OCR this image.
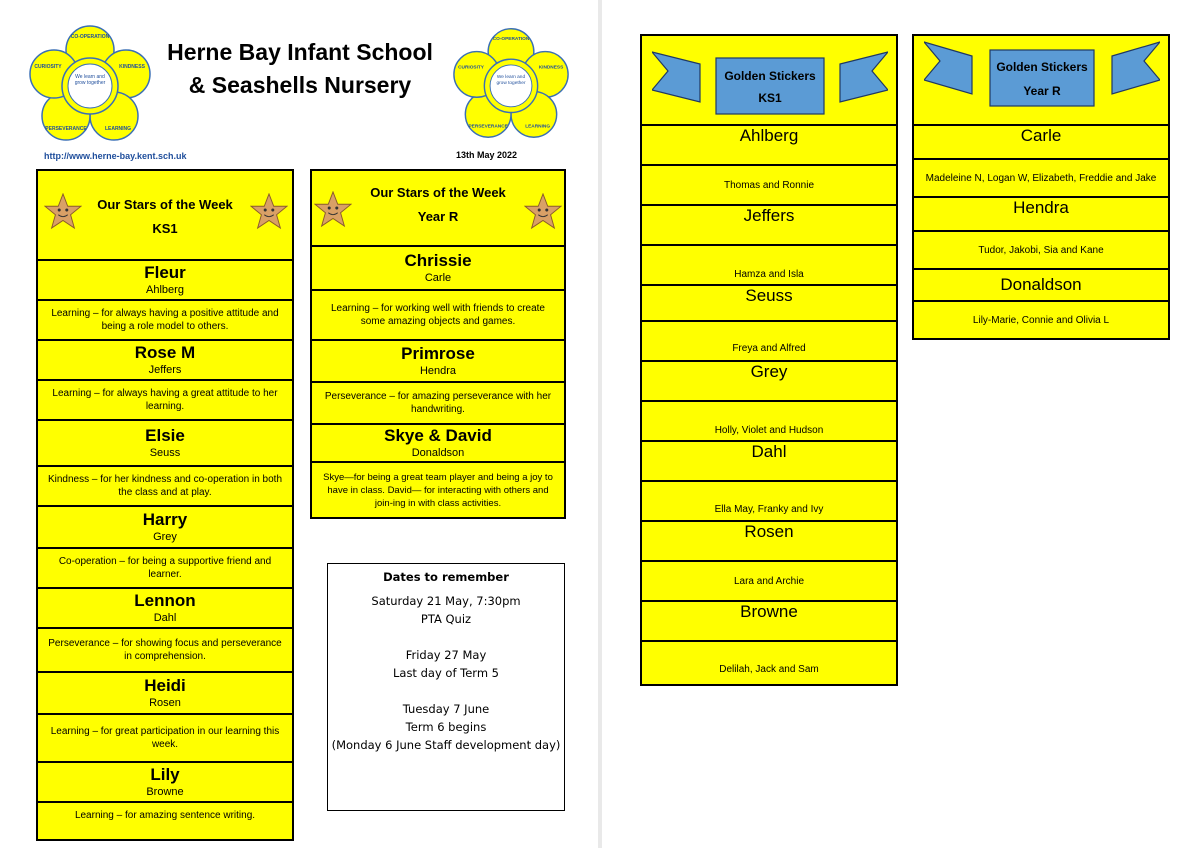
CO-OPERATION
KINDNESS
LEARNING
PERSEVERANCE
CURIOSITY
We learn and grow together
Herne Bay Infant School
& Seashells Nursery
CO-OPERATION
KINDNESS
LEARNING
PERSEVERANCE
CURIOSITY
We learn and grow together
http://www.herne-bay.kent.sch.uk	13th May 2022
Our Stars of the Week
KS1
Fleur
Ahlberg
Learning – for always having a positive attitude and being a role model to others.
Rose M
Jeffers
Learning – for always having a great attitude to her learning.
Elsie
Seuss
Kindness – for her kindness and co-operation in both the class and at play.
Harry
Grey
Co-operation – for being a supportive friend and learner.
Lennon
Dahl
Perseverance – for showing focus and perseverance in comprehension.
Heidi
Rosen
Learning – for great participation in our learning this week.
Lily
Browne
Learning – for amazing sentence writing.
Our Stars of the Week
Year R
Chrissie
Carle
Learning – for working well with friends to create some amazing objects and games.
Primrose
Hendra
Perseverance – for amazing perseverance with her handwriting.
Skye & David
Donaldson
Skye—for being a great team player and being a joy to have in class. David— for interacting with others and join-ing in with class activities.
Dates to remember
Saturday 21 May, 7:30pm
PTA Quiz
Friday 27 May
Last day of Term 5
Tuesday 7 June
Term 6 begins
(Monday 6 June Staff development day)
Golden Stickers
KS1
Ahlberg
Thomas and Ronnie
Jeffers
Hamza and Isla
Seuss
Freya and Alfred
Grey
Holly, Violet and Hudson
Dahl
Ella May, Franky and Ivy
Rosen
Lara and Archie
Browne
Delilah, Jack and Sam
Golden Stickers
Year R
Carle
Madeleine N, Logan W, Elizabeth, Freddie and Jake
Hendra
Tudor, Jakobi, Sia and Kane
Donaldson
Lily-Marie, Connie and Olivia L
